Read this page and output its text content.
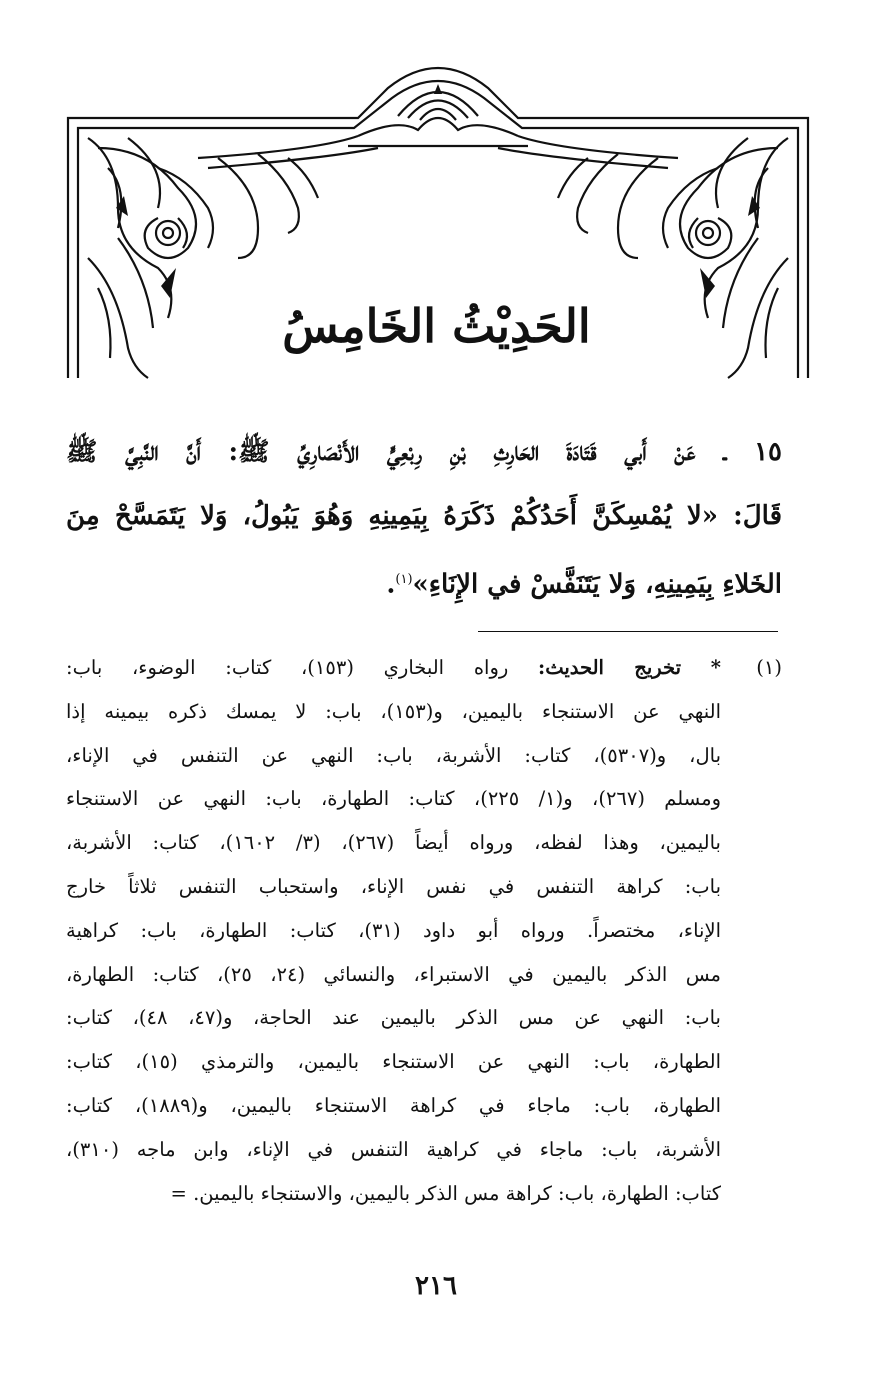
الحَدِيْثُ الخَامِسُ
١٥ ـ عَنْ أَبي قَتَادَةَ الحَارِثِ بْنِ رِبْعِيٍّ الأَنْصَارِيِّ ﷺ: أَنَّ النَّبِيَّ ﷺ
قَالَ: «لا يُمْسِكَنَّ أَحَدُكُمْ ذَكَرَهُ بِيَمِينِهِ وَهُوَ يَبُولُ، وَلا يَتَمَسَّحْ مِنَ
الخَلاءِ بِيَمِينِهِ، وَلا يَتَنَفَّسْ في الإِنَاءِ»$^{(١)}$.
(١)
* تخريج الحديث: رواه البخاري (١٥٣)، كتاب: الوضوء، باب:
النهي عن الاستنجاء باليمين، و(١٥٣)، باب: لا يمسك ذكره بيمينه إذا
بال، و(٥٣٠٧)، كتاب: الأشربة، باب: النهي عن التنفس في الإناء،
ومسلم (٢٦٧)، و(١/ ٢٢٥)، كتاب: الطهارة، باب: النهي عن الاستنجاء
باليمين، وهذا لفظه، ورواه أيضاً (٢٦٧)، (٣/ ١٦٠٢)، كتاب: الأشربة،
باب: كراهة التنفس في نفس الإناء، واستحباب التنفس ثلاثاً خارج
الإناء، مختصراً. ورواه أبو داود (٣١)، كتاب: الطهارة، باب: كراهية
مس الذكر باليمين في الاستبراء، والنسائي (٢٤، ٢٥)، كتاب: الطهارة،
باب: النهي عن مس الذكر باليمين عند الحاجة، و(٤٧، ٤٨)، كتاب:
الطهارة، باب: النهي عن الاستنجاء باليمين، والترمذي (١٥)، كتاب:
الطهارة، باب: ماجاء في كراهة الاستنجاء باليمين، و(١٨٨٩)، كتاب:
الأشربة، باب: ماجاء في كراهية التنفس في الإناء، وابن ماجه (٣١٠)،
كتاب: الطهارة، باب: كراهة مس الذكر باليمين، والاستنجاء باليمين. =
٢١٦
